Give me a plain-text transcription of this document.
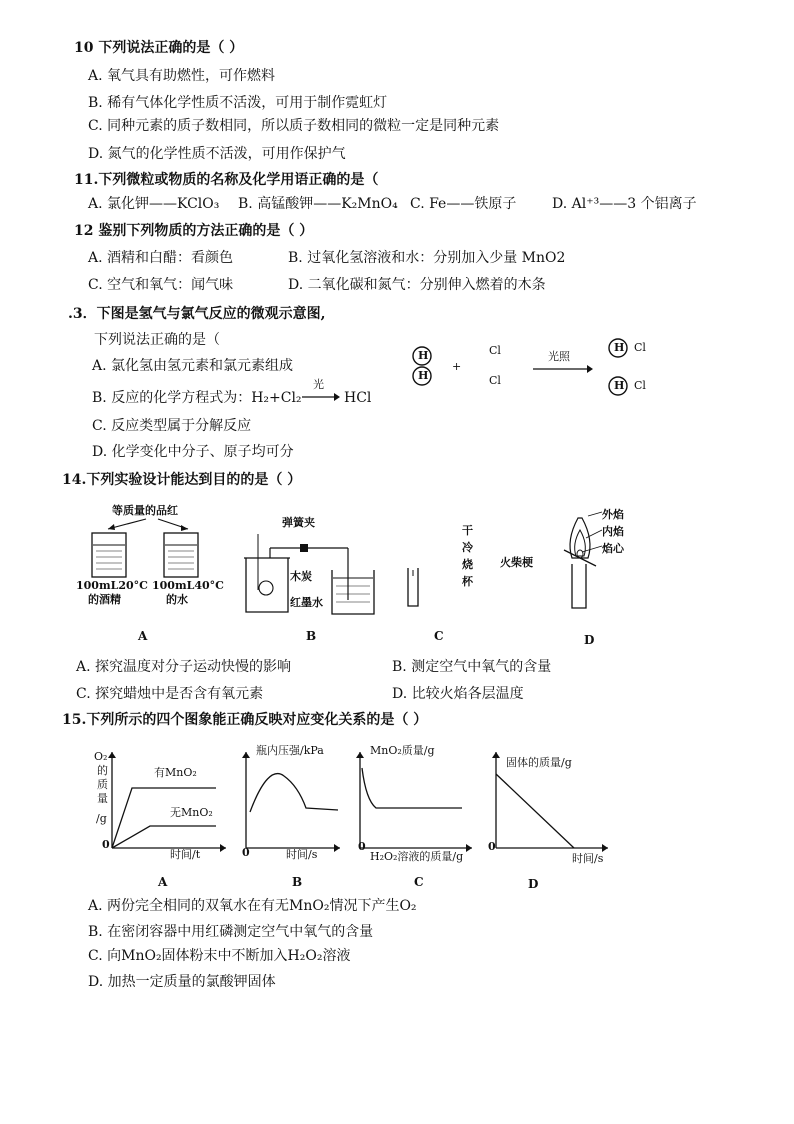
10 下列说法正确的是（ ）
A. 氧气具有助燃性，可作燃料
B. 稀有气体化学性质不活泼，可用于制作霓虹灯
C. 同种元素的质子数相同，所以质子数相同的微粒一定是同种元素
D. 氮气的化学性质不活泼，可用作保护气
11.下列微粒或物质的名称及化学用语正确的是（
A. 氯化钾——KClO₃ B. 高锰酸钾——K₂MnO₄ C. Fe——铁原子	D. Al⁺³——3 个铝离子
12 鉴别下列物质的方法正确的是（ ）
A. 酒精和白醋：看颜色	B. 过氧化氢溶液和水：分别加入少量 MnO2
C. 空气和氧气：闻气味	D. 二氧化碳和氮气：分别伸入燃着的木条
.3．下图是氢气与氯气反应的微观示意图,
下列说法正确的是（
A. 氯化氢由氢元素和氯元素组成
B. 反应的化学方程式为：H₂+Cl₂
光
HCl
C. 反应类型属于分解反应
D. 化学变化中分子、原子均可分
H
H
+
Cl
Cl
光照
H
H
Cl
Cl
14.下列实验设计能达到目的的是（ ）
等质量的品红
100mL20°C
的酒精
100mL40°C
的水
A
弹簧夹
木炭
红墨水
B
干
冷
烧
杯
C
外焰
内焰
焰心
火柴梗
D
A. 探究温度对分子运动快慢的影响	B. 测定空气中氧气的含量
C. 探究蜡烛中是否含有氧元素	D. 比较火焰各层温度
15.下列所示的四个图象能正确反映对应变化关系的是（ ）
O₂
的
质
量
/g
有MnO₂
无MnO₂
0
时间/t
A
瓶内压强/kPa
0	时间/s
B
MnO₂质量/g
0
H₂O₂溶液的质量/g
C
固体的质量/g
0
时间/s
D
A. 两份完全相同的双氧水在有无MnO₂情况下产生O₂
B. 在密闭容器中用红磷测定空气中氧气的含量
C. 向MnO₂固体粉末中不断加入H₂O₂溶液
D. 加热一定质量的氯酸钾固体
